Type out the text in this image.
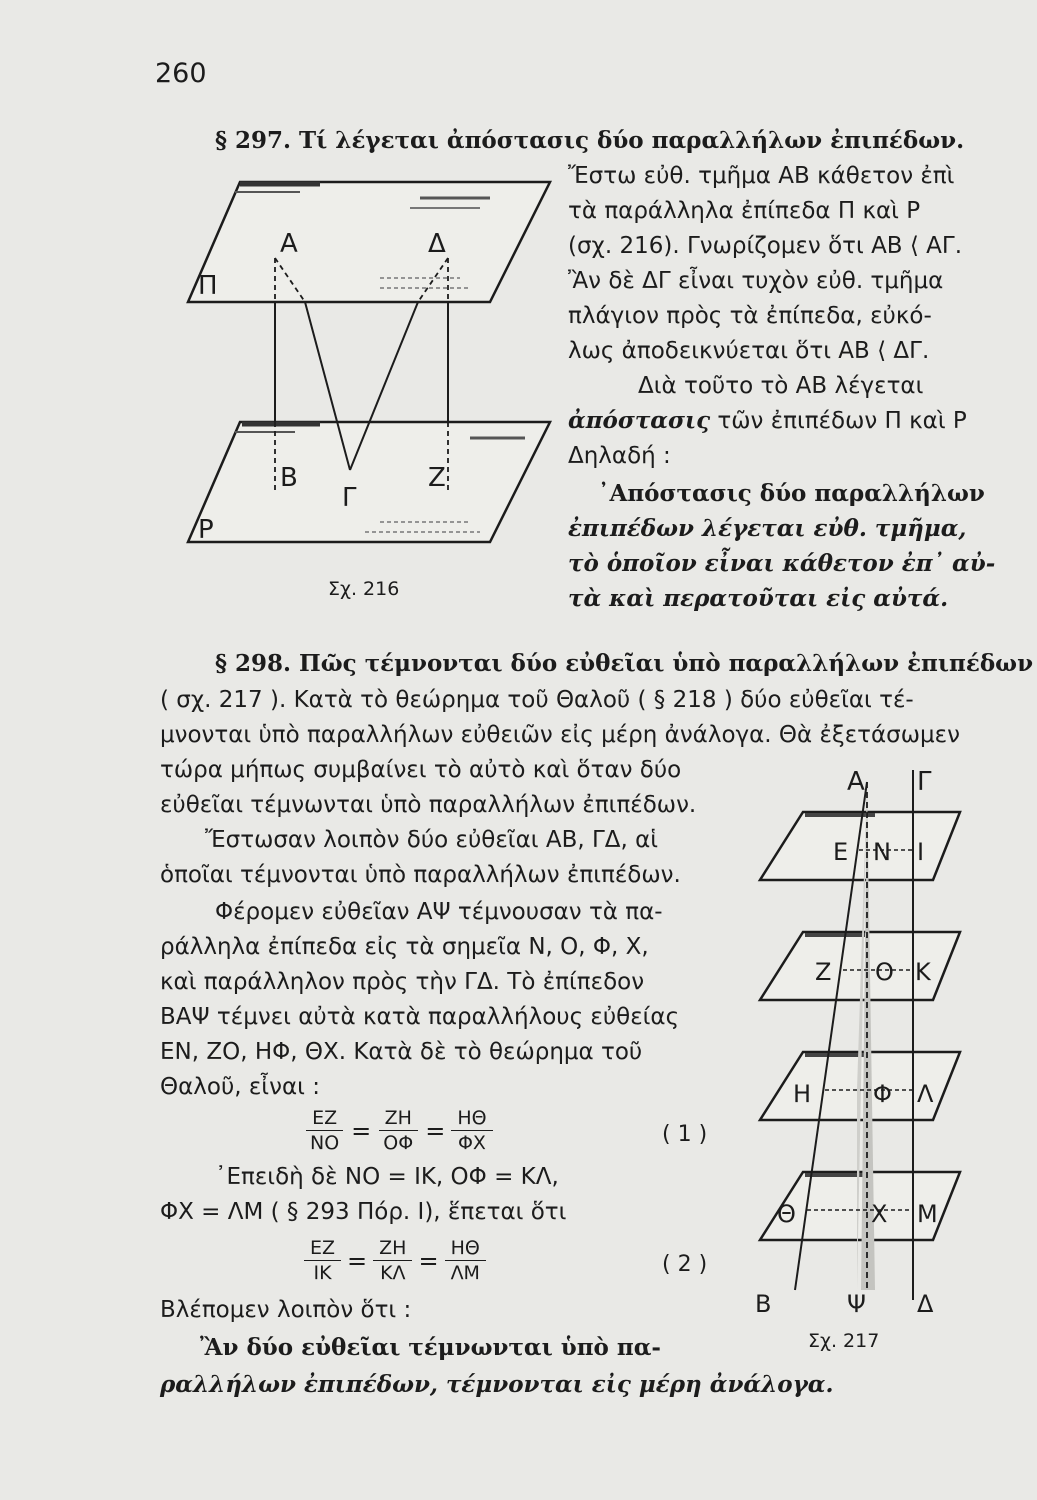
260
§ 297. Τί λέγεται ἀπόστασις δύο παραλλήλων ἐπιπέδων.
Ἔστω εὐθ. τμῆμα ΑΒ κάθετον ἐπὶ
τὰ παράλληλα ἐπίπεδα Π καὶ Ρ
(σχ. 216). Γνωρίζομεν ὅτι ΑΒ ⟨ ΑΓ.
Ἂν δὲ ΔΓ εἶναι τυχὸν εὐθ. τμῆμα
πλάγιον πρὸς τὰ ἐπίπεδα, εὐκό-
λως ἀποδεικνύεται ὅτι ΑΒ ⟨ ΔΓ.
Διὰ τοῦτο τὸ ΑΒ λέγεται
ἀπόστασις τῶν ἐπιπέδων Π καὶ Ρ
Δηλαδή :
᾿Απόστασις δύο παραλλήλων
ἐπιπέδων λέγεται εὐθ. τμῆμα,
τὸ ὁποῖον εἶναι κάθετον ἐπ᾿ αὐ-
τὰ καὶ περατοῦται εἰς αὐτά.
Α	Δ
Π
Β
Γ
Ζ
Ρ
Σχ. 216
§ 298. Πῶς τέμνονται δύο εὐθεῖαι ὑπὸ παραλλήλων ἐπιπέδων
( σχ. 217 ). Κατὰ τὸ θεώρημα τοῦ Θαλοῦ ( § 218 ) δύο εὐθεῖαι τέ-
μνονται ὑπὸ παραλλήλων εὐθειῶν εἰς μέρη ἀνάλογα. Θὰ ἐξετάσωμεν
τώρα μήπως συμβαίνει τὸ αὐτὸ καὶ ὅταν δύο
εὐθεῖαι τέμνωνται ὑπὸ παραλλήλων ἐπιπέδων.
Ἔστωσαν λοιπὸν δύο εὐθεῖαι ΑΒ, ΓΔ, αἱ
ὁποῖαι τέμνονται ὑπὸ παραλλήλων ἐπιπέδων.
Φέρομεν εὐθεῖαν ΑΨ τέμνουσαν τὰ πα-
ράλληλα ἐπίπεδα εἰς τὰ σημεῖα Ν, Ο, Φ, Χ,
καὶ παράλληλον πρὸς τὴν ΓΔ. Τὸ ἐπίπεδον
ΒΑΨ τέμνει αὐτὰ κατὰ παραλλήλους εὐθείας
ΕΝ, ΖΟ, ΗΦ, ΘΧ. Κατὰ δὲ τὸ θεώρημα τοῦ
Θαλοῦ, εἶναι :
$\frac{EZ}{NO} = \frac{ZH}{O\Phi} = \frac{H\Theta}{\Phi X}$	( 1 )
᾿Επειδὴ δὲ ΝΟ = ΙΚ, ΟΦ = ΚΛ,
ΦΧ = ΛΜ ( § 293 Πόρ. Ι), ἕπεται ὅτι
$\frac{EZ}{IK} = \frac{ZH}{K\Lambda} = \frac{H\Theta}{\Lambda M}$	( 2 )
Βλέπομεν λοιπὸν ὅτι :
Ἂν δύο εὐθεῖαι τέμνωνται ὑπὸ πα-
ραλλήλων ἐπιπέδων, τέμνονται εἰς μέρη ἀνάλογα.
Α Γ
Ε Ν Ι
Ζ Ο Κ
Η	Φ Λ
Θ	Χ Μ
Β	Ψ Δ
Σχ. 217
